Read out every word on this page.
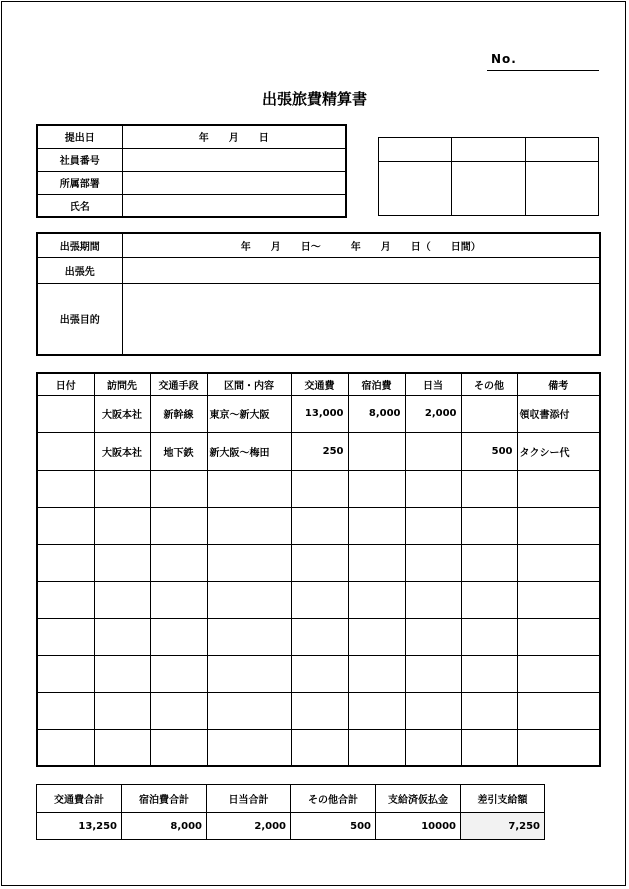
No.
出張旅費精算書
提出日	年　　月　　日
社員番号	
所属部署	
氏名	

出張期間	年　　月　　日～　　　年　　月　　日（　　日間）
出張先	
出張目的	
日付	訪問先	交通手段	区間・内容	交通費	宿泊費	日当	その他	備考
	大阪本社	新幹線	東京～新大阪	13,000	8,000	2,000		領収書添付
	大阪本社	地下鉄	新大阪～梅田	250			500	タクシー代

交通費合計	宿泊費合計	日当合計	その他合計	支給済仮払金	差引支給額
13,250	8,000	2,000	500	10000	7,250
